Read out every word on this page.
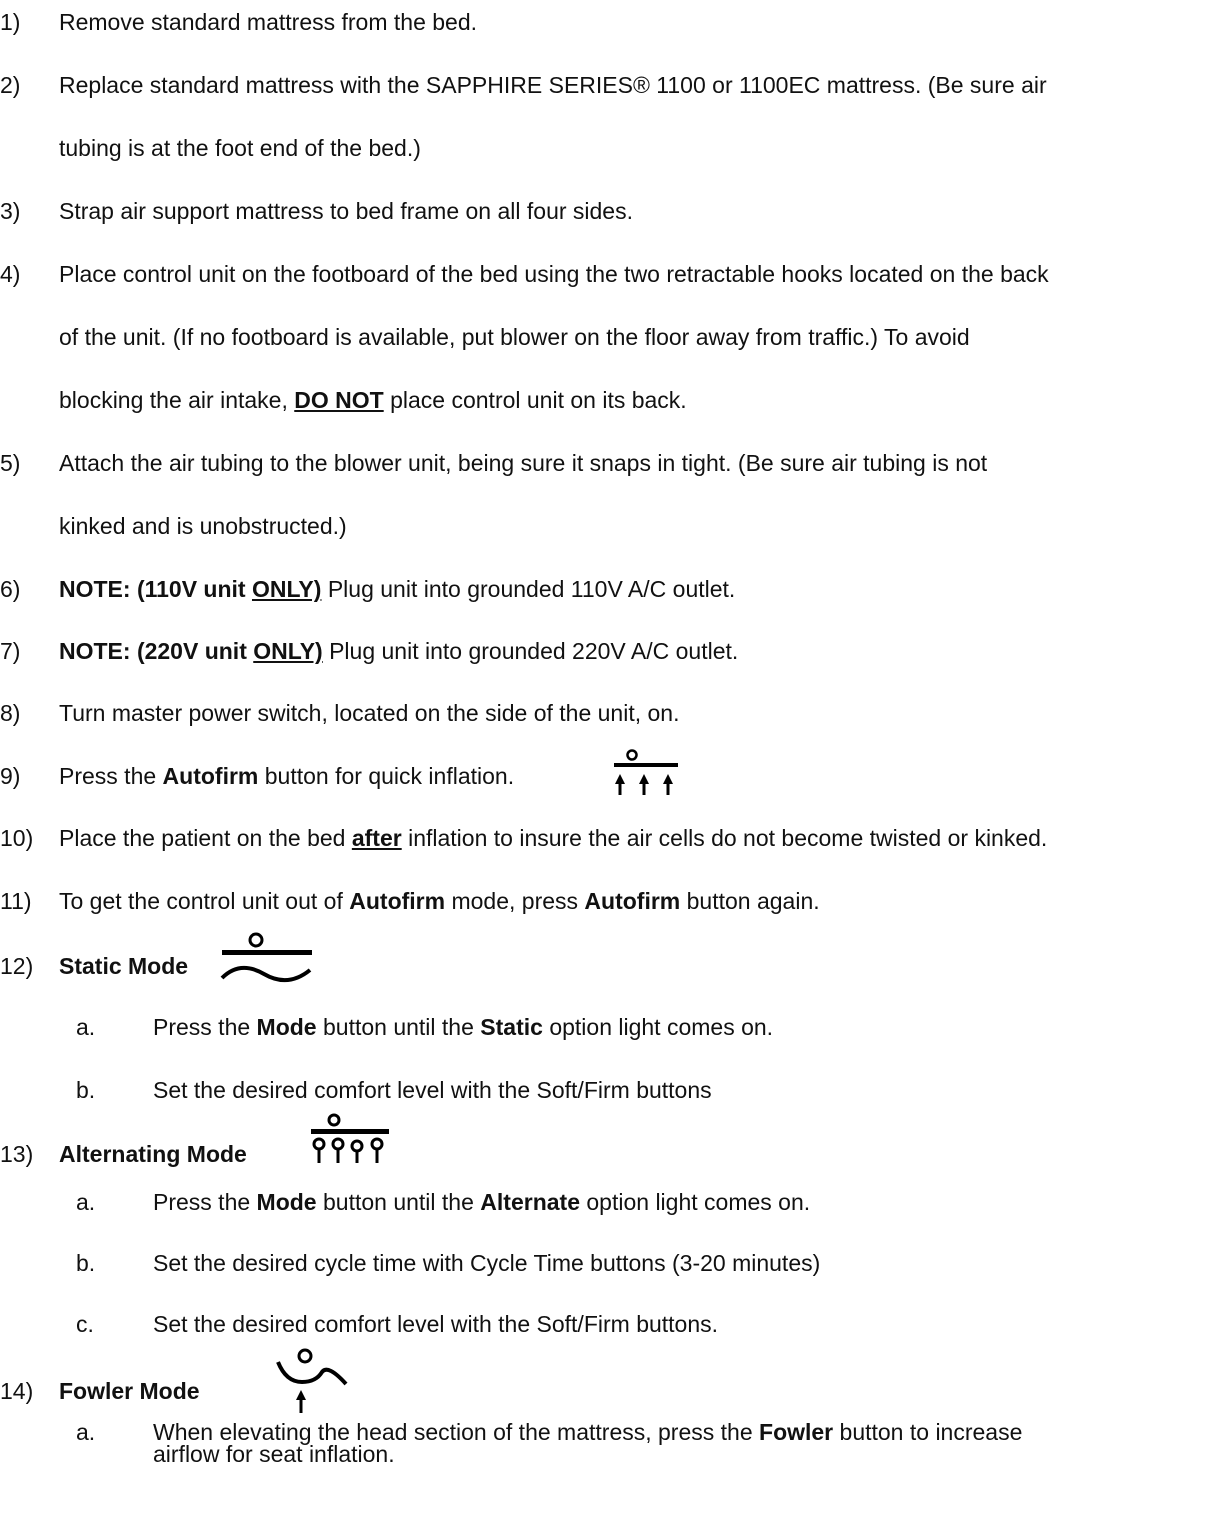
1) Remove standard mattress from the bed.
2) Replace standard mattress with the SAPPHIRE SERIES® 1100 or 1100EC mattress. (Be sure air
tubing is at the foot end of the bed.)
3) Strap air support mattress to bed frame on all four sides.
4) Place control unit on the footboard of the bed using the two retractable hooks located on the back
of the unit. (If no footboard is available, put blower on the floor away from traffic.) To avoid
blocking the air intake, DO NOT place control unit on its back.
5) Attach the air tubing to the blower unit, being sure it snaps in tight. (Be sure air tubing is not
kinked and is unobstructed.)
6) NOTE: (110V unit ONLY) Plug unit into grounded 110V A/C outlet.
7) NOTE: (220V unit ONLY) Plug unit into grounded 220V A/C outlet.
8) Turn master power switch, located on the side of the unit, on.
9) Press the Autofirm button for quick inflation.
10) Place the patient on the bed after inflation to insure the air cells do not become twisted or kinked.
11) To get the control unit out of Autofirm mode, press Autofirm button again.
12) Static Mode
a.	Press the Mode button until the Static option light comes on.
b.	Set the desired comfort level with the Soft/Firm buttons
13) Alternating Mode
a.	Press the Mode button until the Alternate option light comes on.
b.	Set the desired cycle time with Cycle Time buttons (3-20 minutes)
c.	Set the desired comfort level with the Soft/Firm buttons.
14) Fowler Mode
a.	When elevating the head section of the mattress, press the Fowler button to increase
airflow for seat inflation.
